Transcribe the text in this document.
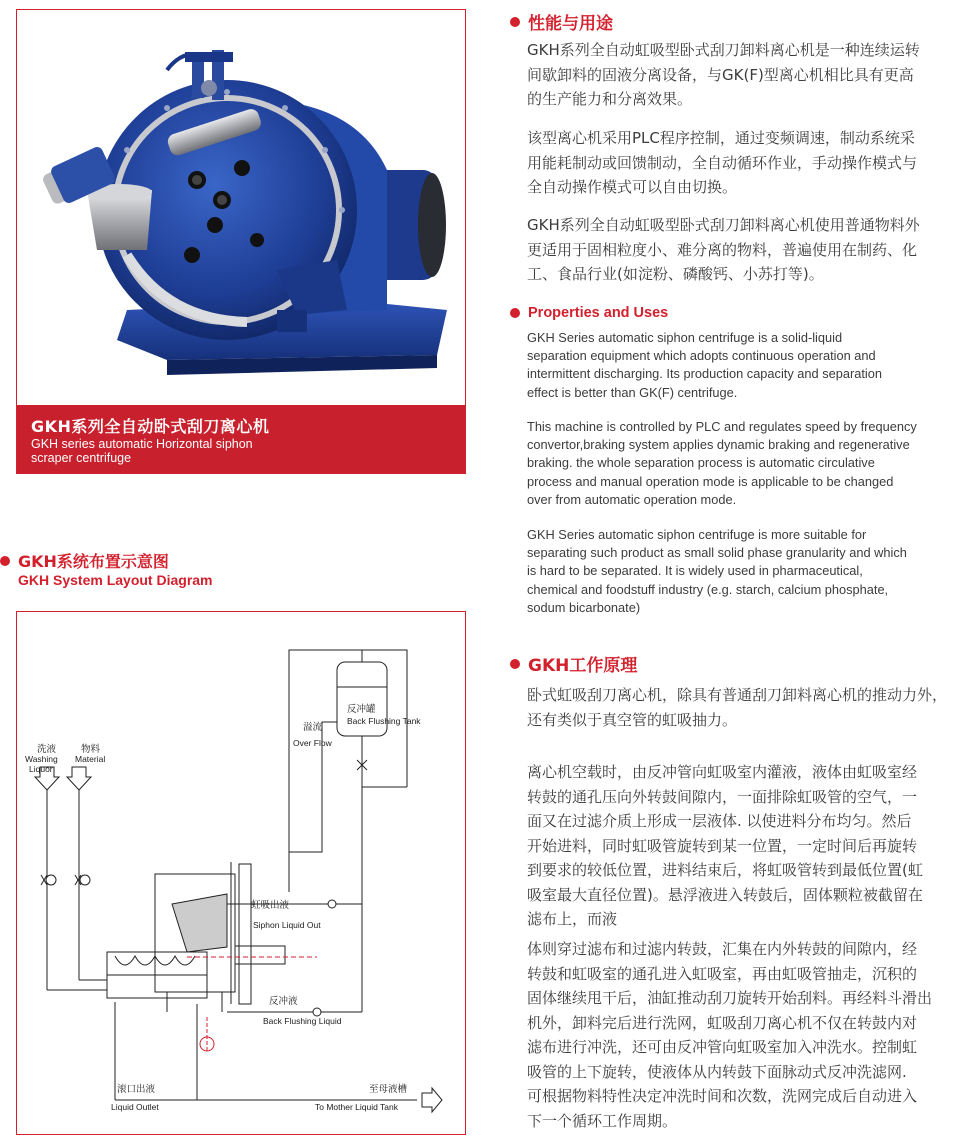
GKH系列全自动卧式刮刀离心机
GKH series automatic Horizontal siphon
scraper centrifuge
GKH系统布置示意图
GKH System Layout Diagram
洗液
Washing
Liquor
物料
Material
溢流
Over Flow
反冲罐
Back Flushing Tank
虹吸出液
Siphon Liquid Out
反冲液
Back Flushing Liquid
滚口出液
Liquid Outlet
至母液槽
To Mother Liquid Tank
性能与用途
GKH系列全自动虹吸型卧式刮刀卸料离心机是一种连续运转
间歇卸料的固液分离设备，与GK(F)型离心机相比具有更高
的生产能力和分离效果。
该型离心机采用PLC程序控制，通过变频调速，制动系统采
用能耗制动或回馈制动，全自动循环作业，手动操作模式与
全自动操作模式可以自由切换。
GKH系列全自动虹吸型卧式刮刀卸料离心机使用普通物料外
更适用于固相粒度小、难分离的物料，普遍使用在制药、化
工、食品行业(如淀粉、磷酸钙、小苏打等)。
Properties and Uses
GKH Series automatic siphon centrifuge is a solid-liquid
separation equipment which adopts continuous operation and
intermittent discharging. Its production capacity and separation
effect is better than GK(F) centrifuge.
This machine is controlled by PLC and regulates speed by frequency
convertor,braking system applies dynamic braking and regenerative
braking. the whole separation process is automatic circulative
process and manual operation mode is applicable to be changed
over from automatic operation mode.
GKH Series automatic siphon centrifuge is more suitable for
separating such product as small solid phase granularity and which
is hard to be separated. It is widely used in pharmaceutical,
chemical and foodstuff industry (e.g. starch, calcium phosphate,
sodum bicarbonate)
GKH工作原理
卧式虹吸刮刀离心机，除具有普通刮刀卸料离心机的推动力外，
还有类似于真空管的虹吸抽力。
离心机空载时，由反冲管向虹吸室内灌液，液体由虹吸室经
转鼓的通孔压向外转鼓间隙内，一面排除虹吸管的空气，一
面又在过滤介质上形成一层液体. 以使进料分布均匀。然后
开始进料，同时虹吸管旋转到某一位置，一定时间后再旋转
到要求的较低位置，进料结束后，将虹吸管转到最低位置(虹
吸室最大直径位置)。悬浮液进入转鼓后，固体颗粒被截留在
滤布上，而液
体则穿过滤布和过滤内转鼓，汇集在内外转鼓的间隙内，经
转鼓和虹吸室的通孔进入虹吸室，再由虹吸管抽走，沉积的
固体继续甩干后，油缸推动刮刀旋转开始刮料。再经料斗滑出
机外，卸料完后进行洗网，虹吸刮刀离心机不仅在转鼓内对
滤布进行冲洗，还可由反冲管向虹吸室加入冲洗水。控制虹
吸管的上下旋转，使液体从内转鼓下面脉动式反冲洗滤网.
可根据物料特性决定冲洗时间和次数，洗网完成后自动进入
下一个循环工作周期。
